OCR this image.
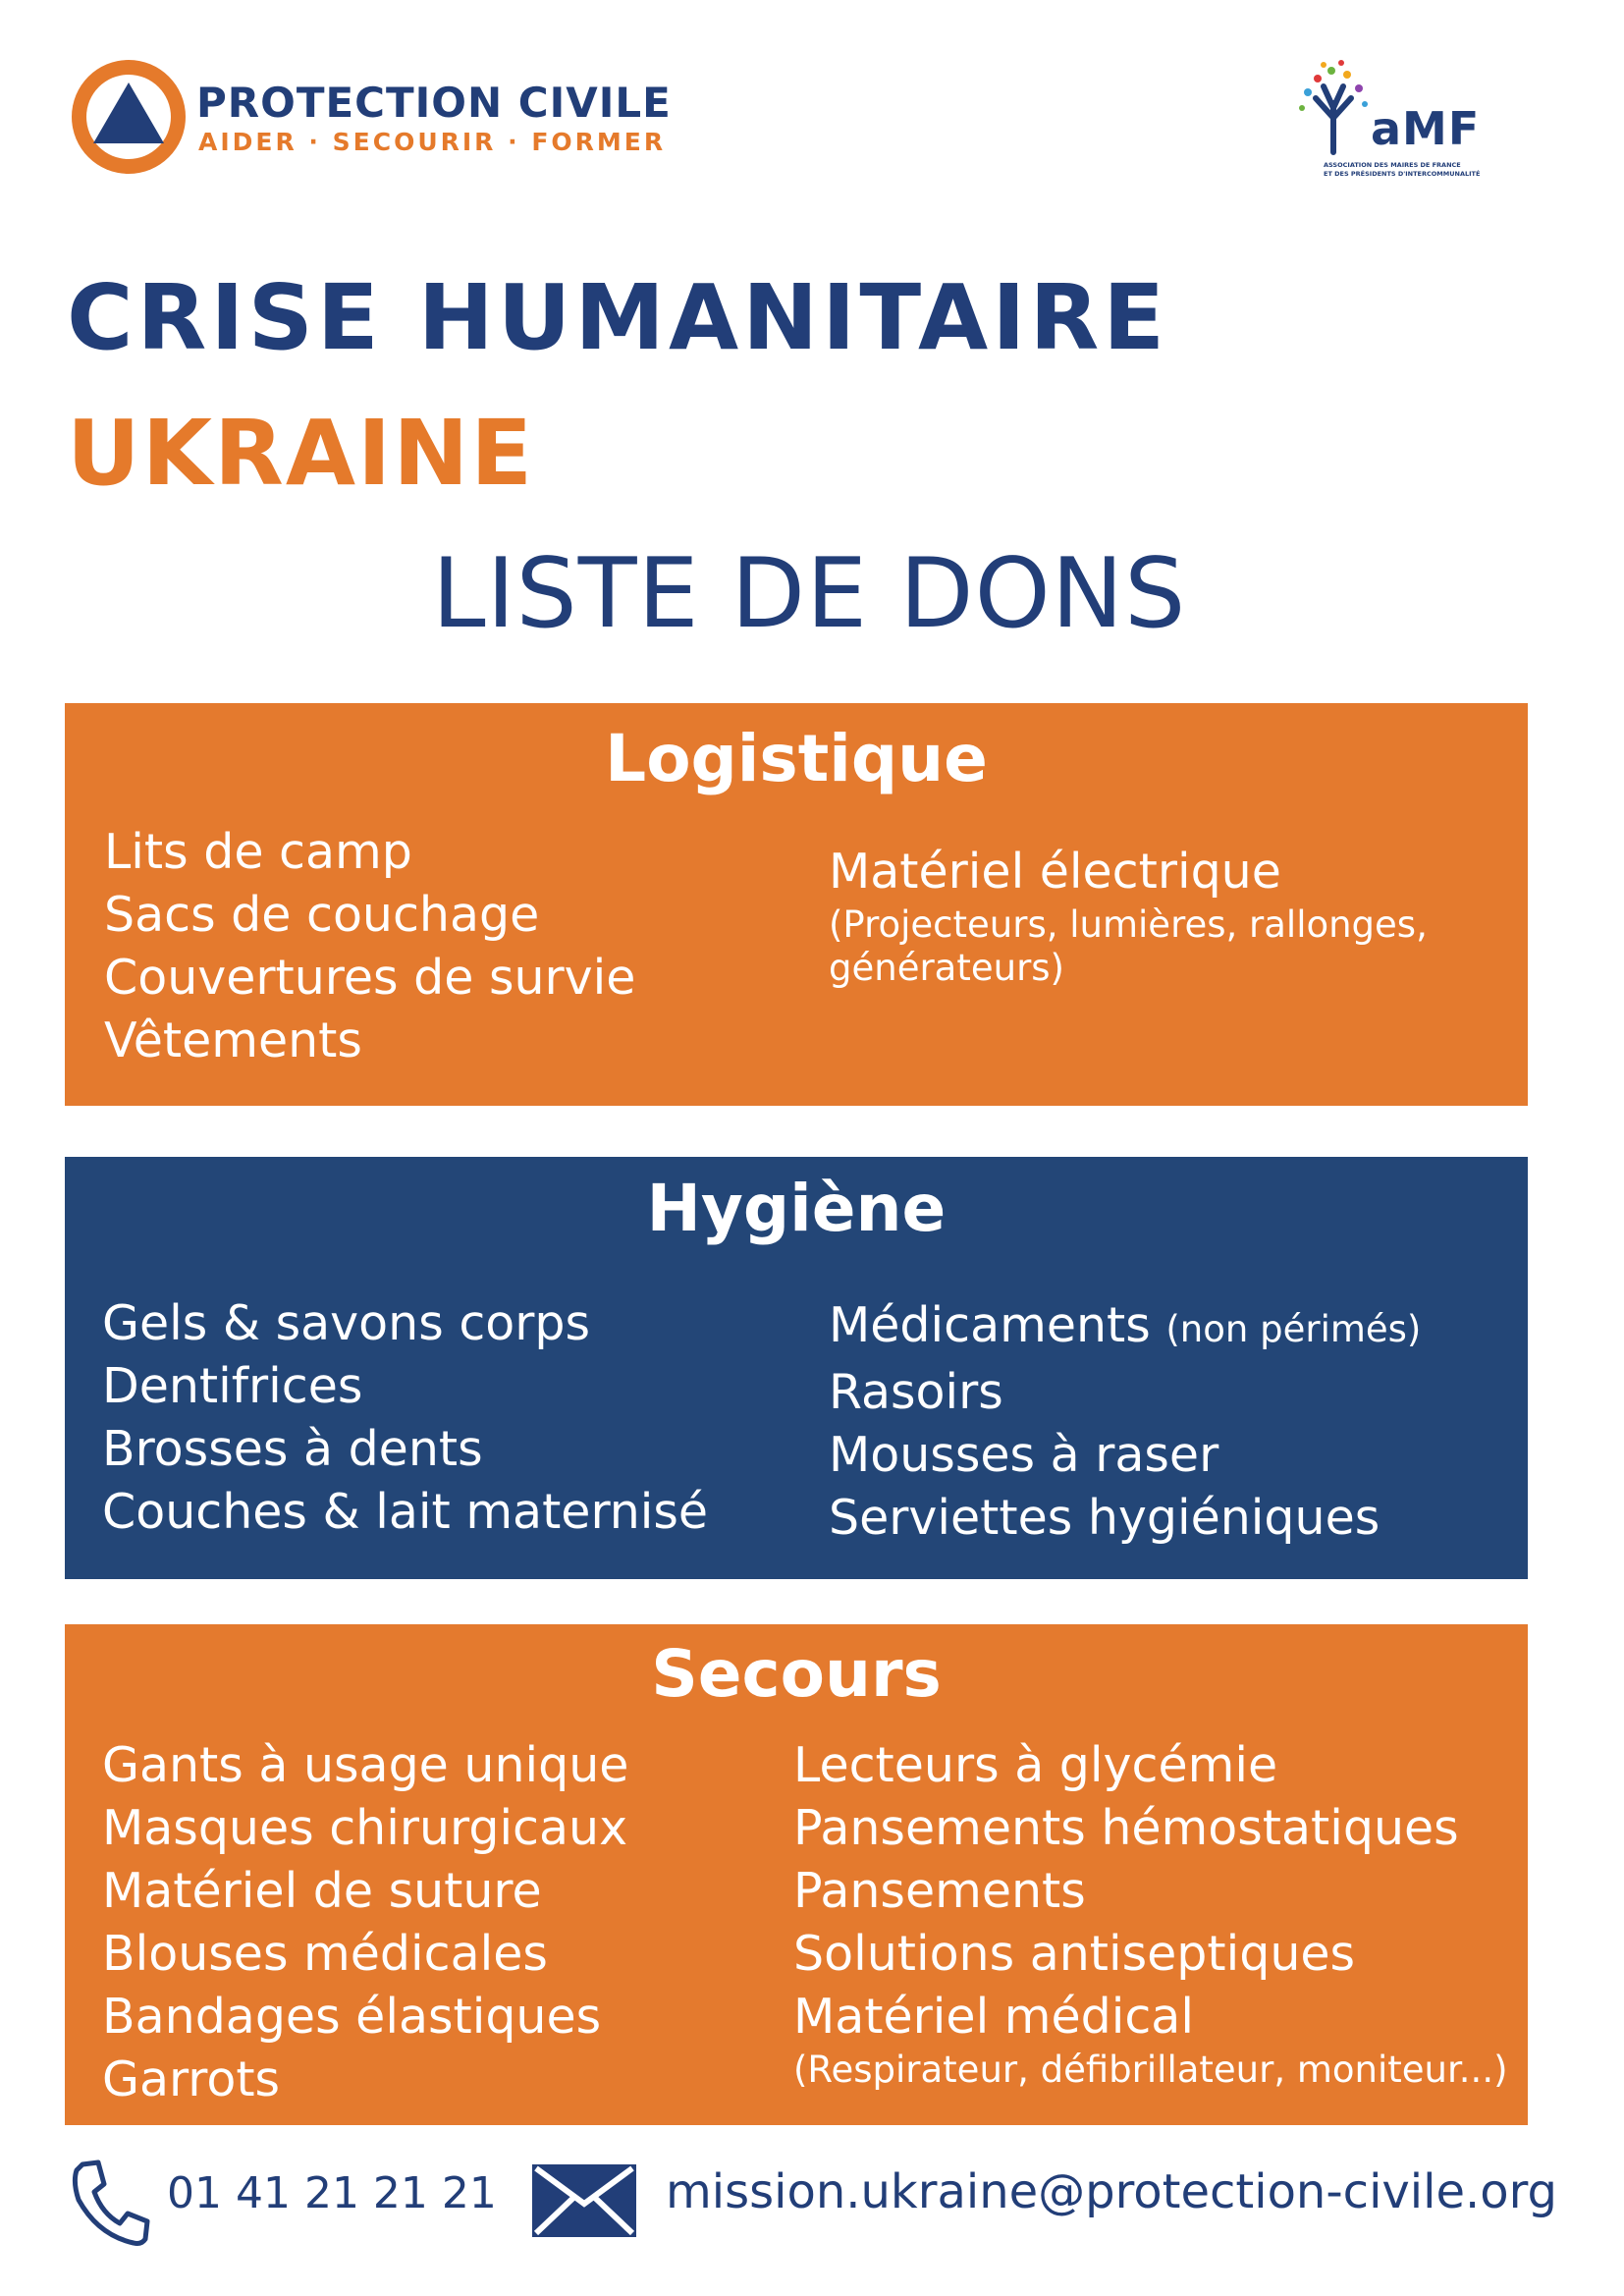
PROTECTION CIVILE
AIDER · SECOURIR · FORMER	aMF
ASSOCIATION DES MAIRES DE FRANCE
ET DES PRÉSIDENTS D'INTERCOMMUNALITÉ
CRISE HUMANITAIRE
UKRAINE
LISTE DE DONS
Logistique
Lits de camp
Sacs de couchage
Couvertures de survie
Vêtements
Matériel électrique
(Projecteurs, lumières, rallonges,
générateurs)
Hygiène
Gels & savons corps
Dentifrices
Brosses à dents
Couches & lait maternisé
Médicaments (non périmés)
Rasoirs
Mousses à raser
Serviettes hygiéniques
Secours
Gants à usage unique
Masques chirurgicaux
Matériel de suture
Blouses médicales
Bandages élastiques
Garrots
Lecteurs à glycémie
Pansements hémostatiques
Pansements
Solutions antiseptiques
Matériel médical
(Respirateur, défibrillateur, moniteur...)
01 41 21 21 21	mission.ukraine@protection-civile.org
